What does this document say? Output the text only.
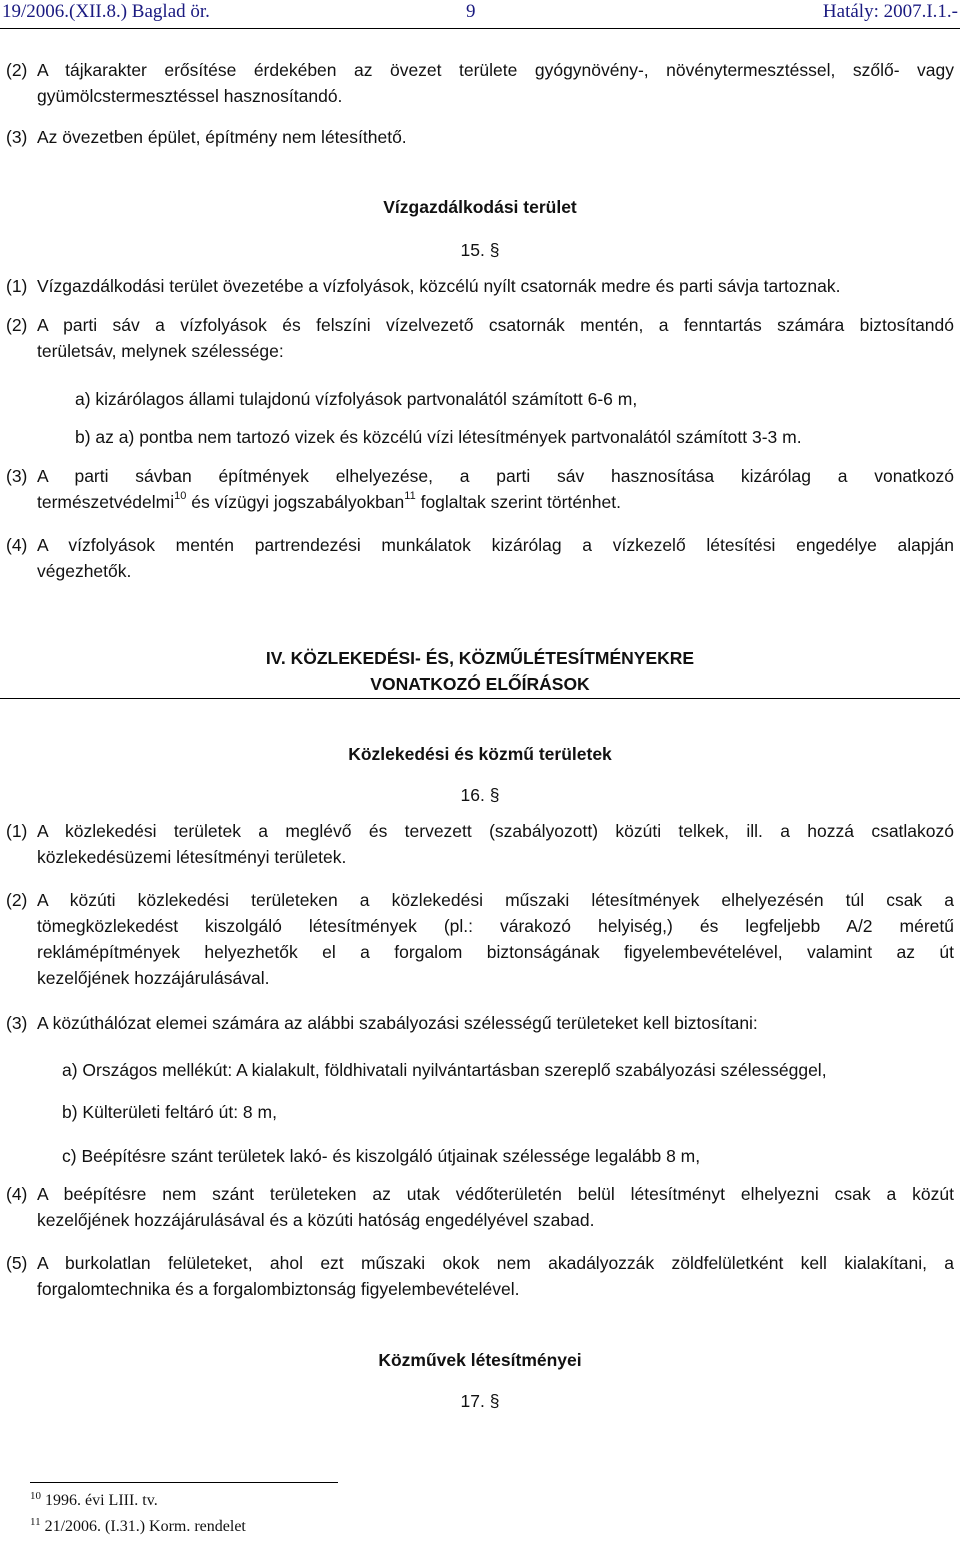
19/2006.(XII.8.) Baglad ör.	9	Hatály: 2007.I.1.-
(2) A tájkarakter erősítése érdekében az övezet területe gyógynövény-, növénytermesztéssel, szőlő- vagy
gyümölcstermesztéssel hasznosítandó.
(3) Az övezetben épület, építmény nem létesíthető.
Vízgazdálkodási terület
15. §
(1) Vízgazdálkodási terület övezetébe a vízfolyások, közcélú nyílt csatornák medre és parti sávja tartoznak.
(2) A parti sáv a vízfolyások és felszíni vízelvezető csatornák mentén, a fenntartás számára biztosítandó
területsáv, melynek szélessége:
a) kizárólagos állami tulajdonú vízfolyások partvonalától számított 6-6 m,
b) az a) pontba nem tartozó vizek és közcélú vízi létesítmények partvonalától számított 3-3 m.
(3) A parti sávban építmények elhelyezése, a parti sáv hasznosítása kizárólag a vonatkozó
természetvédelmi$^{10}$ és vízügyi jogszabályokban$^{11}$ foglaltak szerint történhet.
(4) A vízfolyások mentén partrendezési munkálatok kizárólag a vízkezelő létesítési engedélye alapján
végezhetők.
IV. KÖZLEKEDÉSI- ÉS, KÖZMŰLÉTESÍTMÉNYEKRE
VONATKOZÓ ELŐÍRÁSOK
Közlekedési és közmű területek
16. §
(1) A közlekedési területek a meglévő és tervezett (szabályozott) közúti telkek, ill. a hozzá csatlakozó
közlekedésüzemi létesítményi területek.
(2) A közúti közlekedési területeken a közlekedési műszaki létesítmények elhelyezésén túl csak a
tömegközlekedést kiszolgáló létesítmények (pl.: várakozó helyiség,) és legfeljebb A/2 méretű
reklámépítmények helyezhetők el a forgalom biztonságának figyelembevételével, valamint az út
kezelőjének hozzájárulásával.
(3) A közúthálózat elemei számára az alábbi szabályozási szélességű területeket kell biztosítani:
a) Országos mellékút: A kialakult, földhivatali nyilvántartásban szereplő szabályozási szélességgel,
b) Külterületi feltáró út: 8 m,
c) Beépítésre szánt területek lakó- és kiszolgáló útjainak szélessége legalább 8 m,
(4) A beépítésre nem szánt területeken az utak védőterületén belül létesítményt elhelyezni csak a közút
kezelőjének hozzájárulásával és a közúti hatóság engedélyével szabad.
(5) A burkolatlan felületeket, ahol ezt műszaki okok nem akadályozzák zöldfelületként kell kialakítani, a
forgalomtechnika és a forgalombiztonság figyelembevételével.
Közművek létesítményei
17. §
$^{10}$ 1996. évi LIII. tv.
$^{11}$ 21/2006. (I.31.) Korm. rendelet
